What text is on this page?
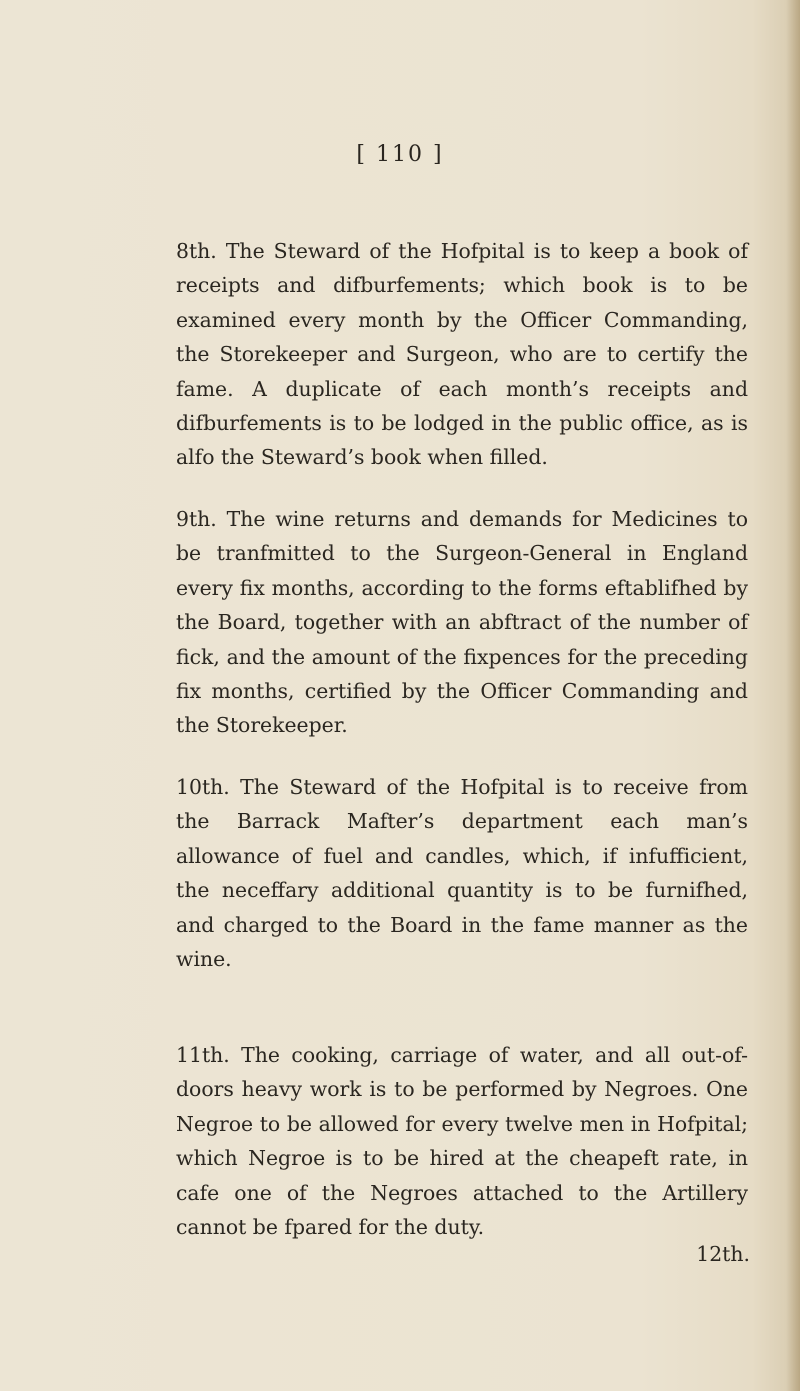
[ 110 ]

8th. The Steward of the Hofpital is to keep a book of receipts and difburfements; which book is to be examined every month by the Officer Commanding, the Storekeeper and Surgeon, who are to certify the fame. A duplicate of each month’s receipts and difburfements is to be lodged in the public office, as is alfo the Steward’s book when filled.

9th. The wine returns and demands for Medicines to be tranfmitted to the Surgeon-General in England every fix months, according to the forms eftablifhed by the Board, together with an abftract of the number of fick, and the amount of the fixpences for the preceding fix months, certified by the Officer Commanding and the Storekeeper.

10th. The Steward of the Hofpital is to receive from the Barrack Mafter’s department each man’s allowance of fuel and candles, which, if infufficient, the neceffary additional quantity is to be furnifhed, and charged to the Board in the fame manner as the wine.

11th. The cooking, carriage of water, and all out-of-doors heavy work is to be performed by Negroes. One Negroe to be allowed for every twelve men in Hofpital; which Negroe is to be hired at the cheapeft rate, in cafe one of the Negroes attached to the Artillery cannot be fpared for the duty.

12th.
